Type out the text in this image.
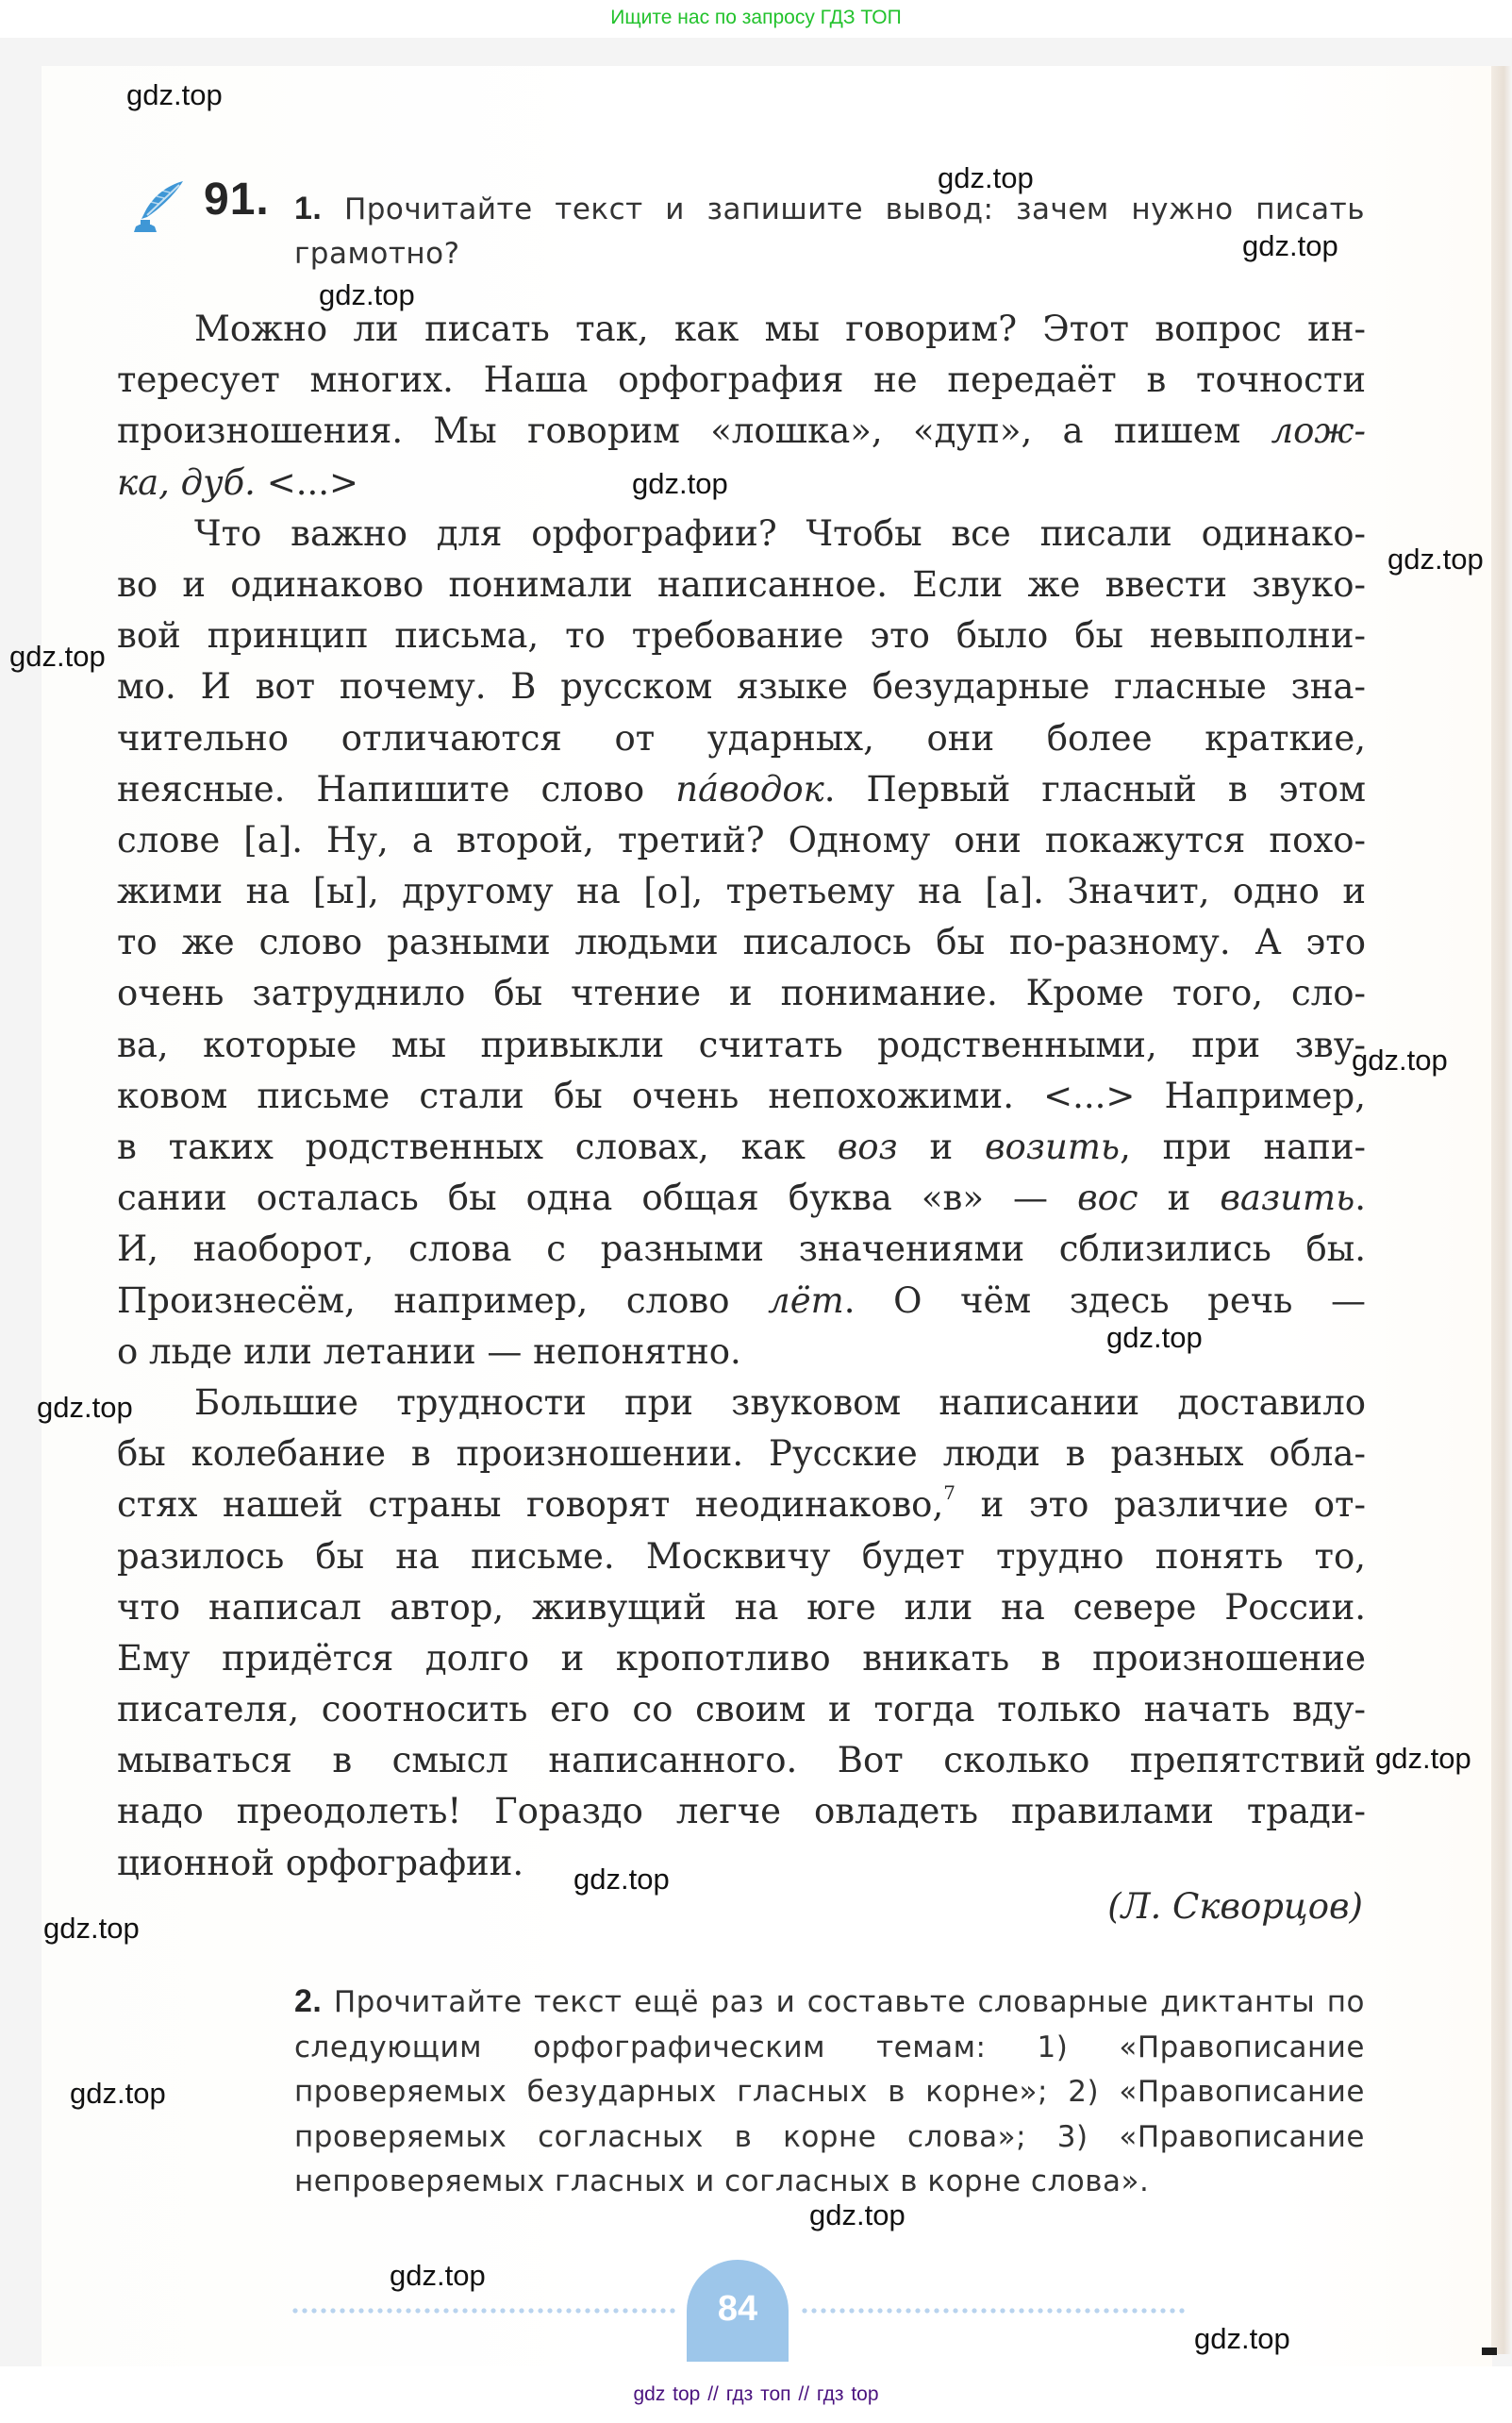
Ищите нас по запросу ГДЗ ТОП
91. 1. Прочитайте текст и запишите вывод: зачем нужно писать грамотно?
Можно ли писать так, как мы говорим? Этот вопрос ин-
тересует многих. Наша орфография не передаёт в точности
произношения. Мы говорим «лошка», «дуп», а пишем лож-
ка, дуб. <...>
Что важно для орфографии? Чтобы все писали одинако-
во и одинаково понимали написанное. Если же ввести звуко-
вой принцип письма, то требование это было бы невыполни-
мо. И вот почему. В русском языке безударные гласные зна-
чительно отличаются от ударных, они более краткие,
неясные. Напишите слово пáводок. Первый гласный в этом
слове [а]. Ну, а второй, третий? Одному они покажутся похо-
жими на [ы], другому на [о], третьему на [а]. Значит, одно и
то же слово разными людьми писалось бы по-разному. А это
очень затруднило бы чтение и понимание. Кроме того, сло-
ва, которые мы привыкли считать родственными, при зву-
ковом письме стали бы очень непохожими. <...> Например,
в таких родственных словах, как воз и возить, при напи-
сании осталась бы одна общая буква «в» — вос и вазить.
И, наоборот, слова с разными значениями сблизились бы.
Произнесём, например, слово лёт. О чём здесь речь —
о льде или летании — непонятно.
Большие трудности при звуковом написании доставило
бы колебание в произношении. Русские люди в разных обла-
стях нашей страны говорят неодинаково,$^7$ и это различие от-
разилось бы на письме. Москвичу будет трудно понять то,
что написал автор, живущий на юге или на севере России.
Ему придётся долго и кропотливо вникать в произношение
писателя, соотносить его со своим и тогда только начать вду-
мываться в смысл написанного. Вот сколько препятствий
надо преодолеть! Гораздо легче овладеть правилами тради-
ционной орфографии.
(Л. Скворцов)
2. Прочитайте текст ещё раз и составьте словарные диктанты по следующим орфографическим темам: 1) «Правописание проверяемых безударных гласных в корне»; 2) «Правописание проверяемых согласных в корне слова»; 3) «Правописание непроверяемых гласных и согласных в корне слова».
84
gdz.top
gdz.top
gdz.top
gdz.top
gdz.top
gdz.top
gdz.top
gdz.top
gdz.top
gdz.top
gdz.top
gdz.top
gdz.top
gdz.top
gdz.top
gdz.top
gdz.top
gdz top // гдз топ // гдз top
